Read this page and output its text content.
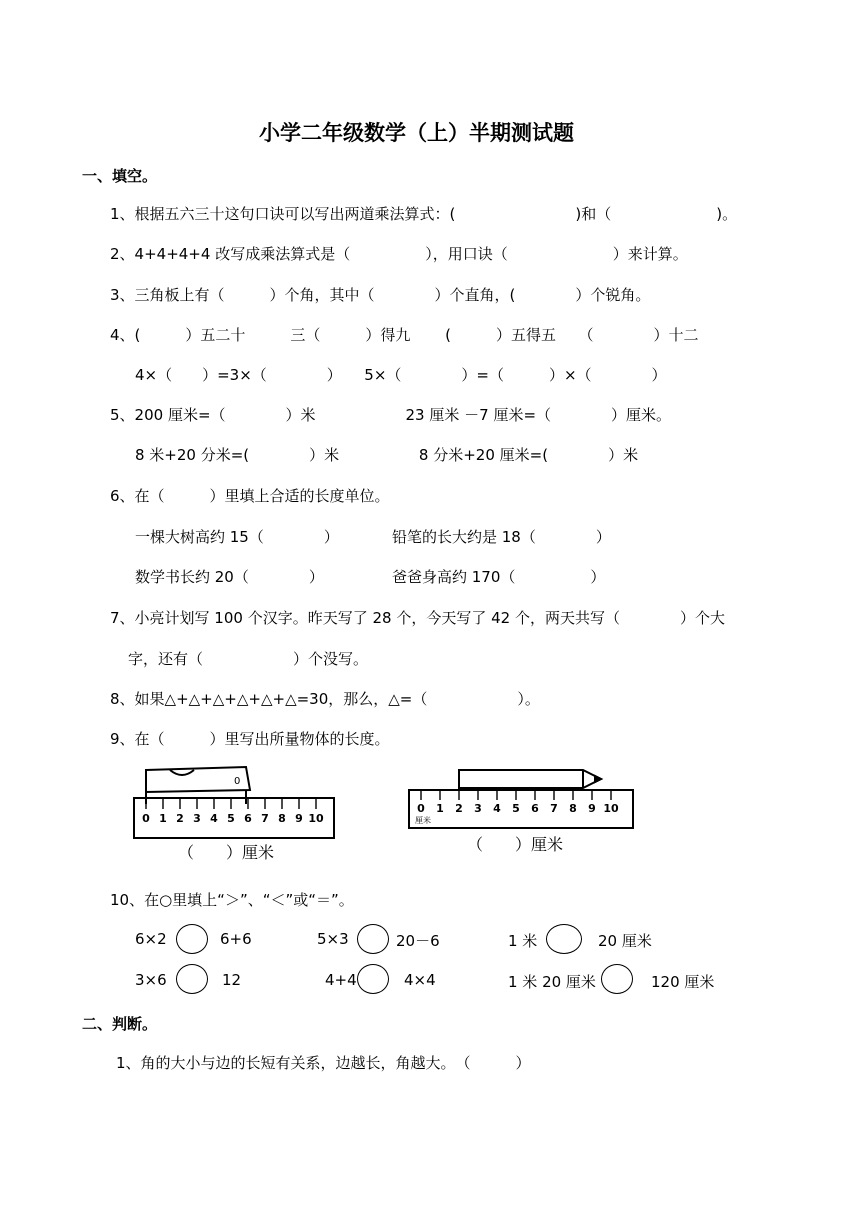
小学二年级数学（上）半期测试题
一、填空。
1、根据五六三十这句口诀可以写出两道乘法算式：(　　　　　　　　)和（　　　　　　　)。
2、4+4+4+4 改写成乘法算式是（　　　　　），用口诀（　　　　　　　）来计算。
3、三角板上有（　　　）个角，其中（　　　　）个直角，(　　　　）个锐角。
4、(　　　）五二十　　　三（　　　）得九　　 (　　　）五得五　　（　　　　）十二
4×（　　）=3×（　　　　）　　5×（　　　　）=（　　　）×（　　　　）
5、200 厘米=（　　　　）米　　　　　　23 厘米 －7 厘米=（　　　　）厘米。
8 米+20 分米=(　　　　）米　　　　　 8 分米+20 厘米=(　　　　）米
6、在（　　　）里填上合适的长度单位。
一棵大树高约 15（　　　　）	铅笔的长大约是 18（　　　　）
数学书长约 20（　　　　）	爸爸身高约 170（　　　　　）
7、小亮计划写 100 个汉字。昨天写了 28 个，今天写了 42 个，两天共写（　　　　）个大
字，还有（　　　　　　）个没写。
8、如果△+△+△+△+△+△=30，那么，△=（　　　　　　）。
9、在（　　　）里写出所量物体的长度。
0
0 1 2 3 4 5 6 7 8 9 10
（　　）厘米
0 1 2 3 4 5 6 7 8 9 10
厘米
（　　）厘米
10、在○里填上“＞”、“＜”或“＝”。
6×2	6+6	5×3	20－6	1 米	20 厘米
3×6	12	4+4	4×4	1 米 20 厘米	120 厘米
二、判断。
1、角的大小与边的长短有关系，边越长，角越大。　（　　　）
